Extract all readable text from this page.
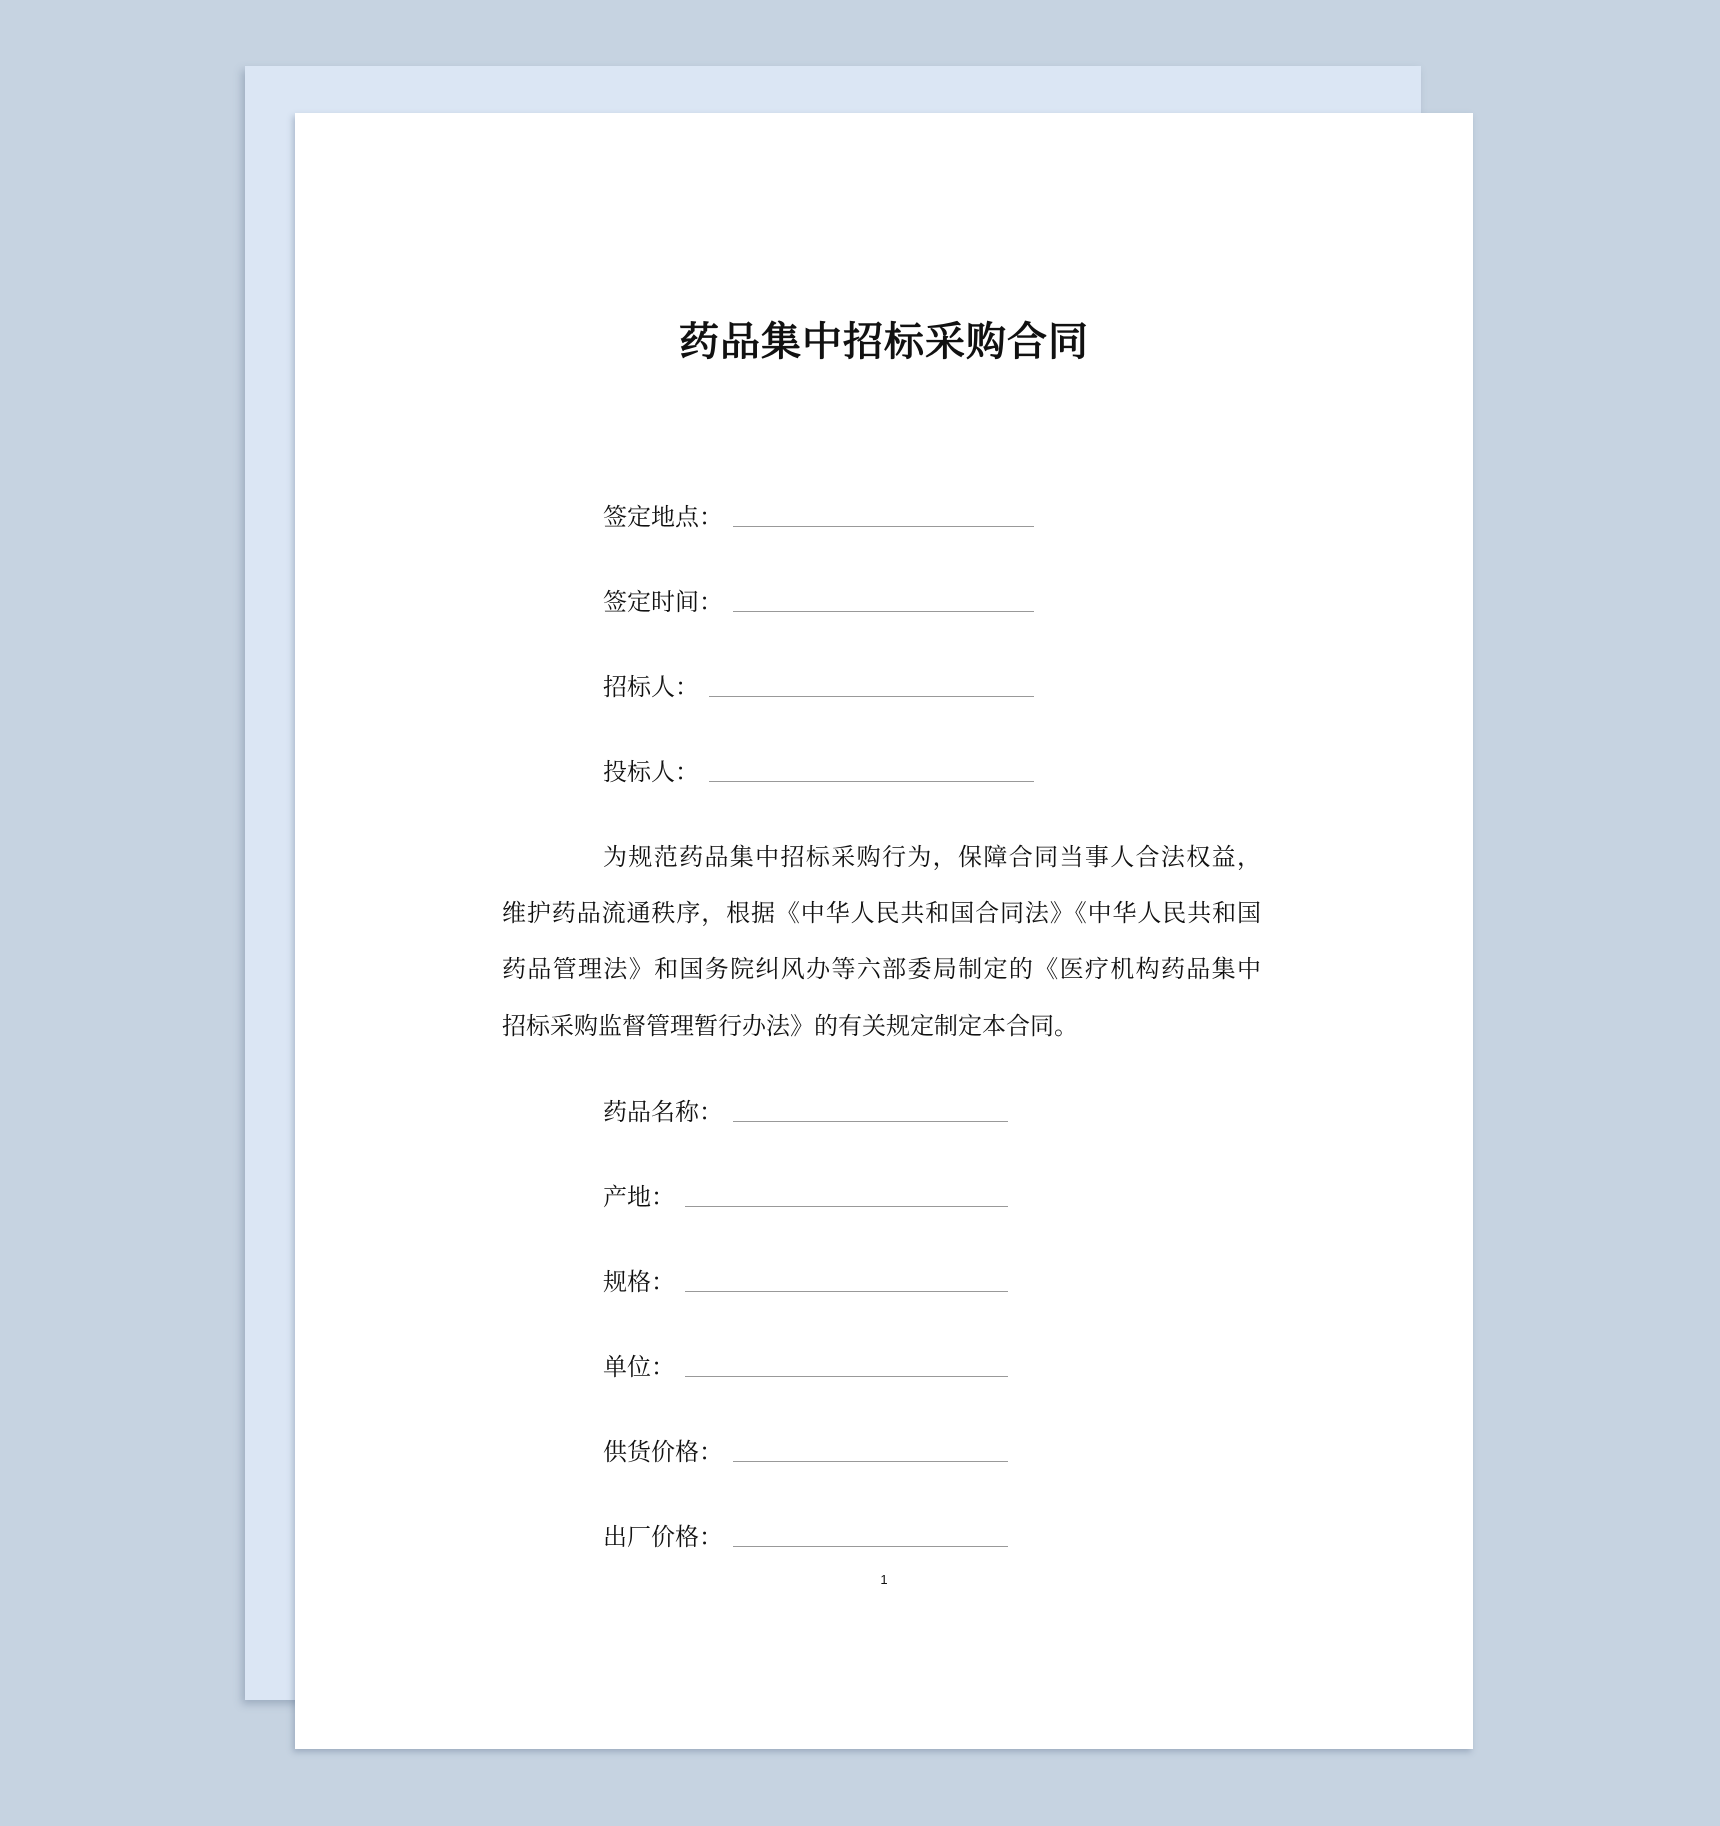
药品集中招标采购合同
签定地点：
签定时间：
招标人：
投标人：
为规范药品集中招标采购行为，保障合同当事人合法权益，
维护药品流通秩序，根据《中华人民共和国合同法》《中华人民共和国
药品管理法》和国务院纠风办等六部委局制定的《医疗机构药品集中
招标采购监督管理暂行办法》的有关规定制定本合同。
药品名称：
产地：
规格：
单位：
供货价格：
出厂价格：
1
